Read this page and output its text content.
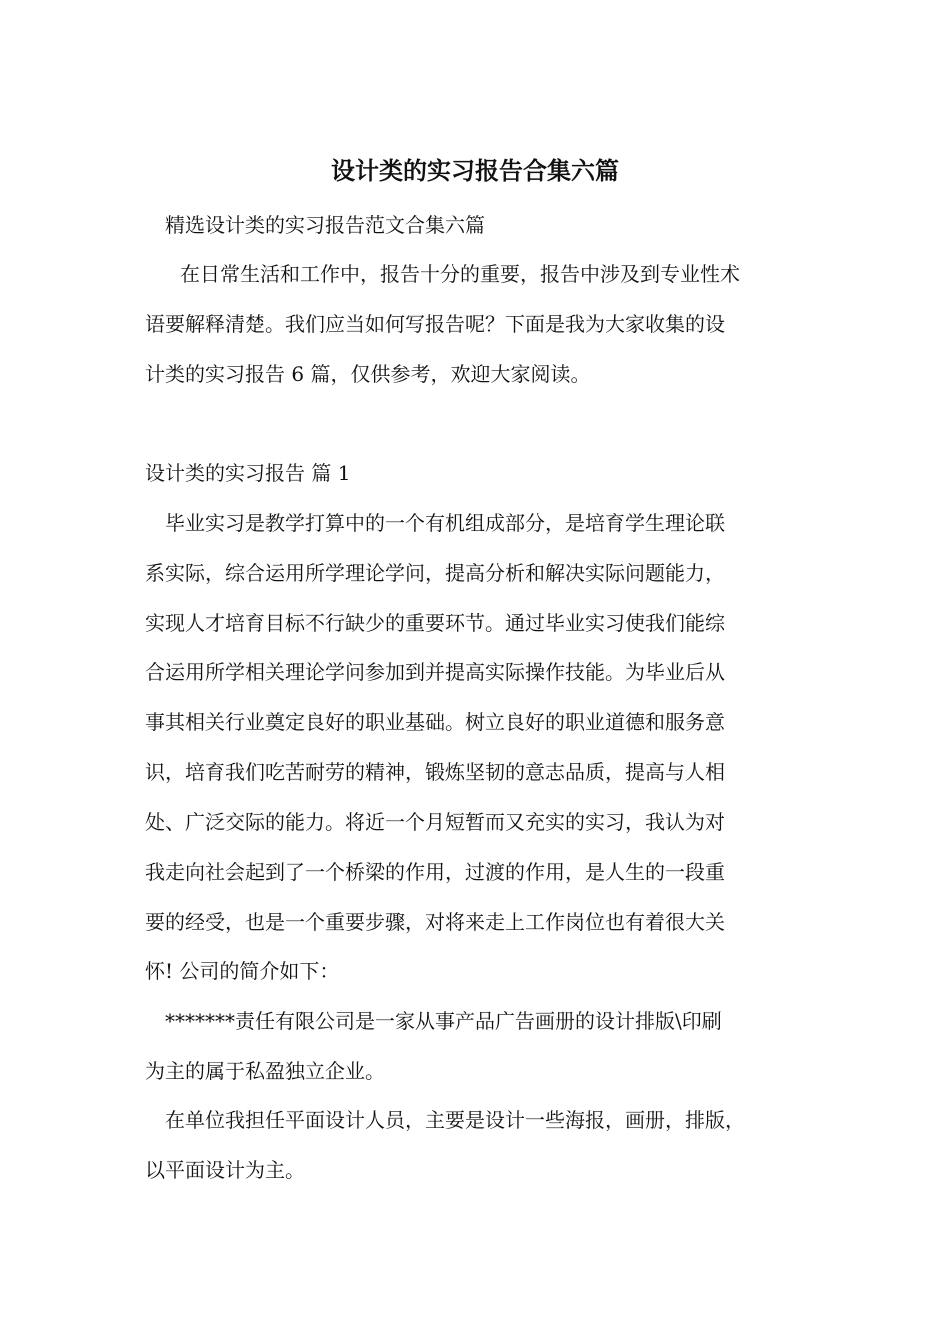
设计类的实习报告合集六篇

精选设计类的实习报告范文合集六篇

在日常生活和工作中，报告十分的重要，报告中涉及到专业性术

语要解释清楚。我们应当如何写报告呢？下面是我为大家收集的设

计类的实习报告 6 篇，仅供参考，欢迎大家阅读。

设计类的实习报告 篇 1

毕业实习是教学打算中的一个有机组成部分，是培育学生理论联

系实际，综合运用所学理论学问，提高分析和解决实际问题能力，

实现人才培育目标不行缺少的重要环节。通过毕业实习使我们能综

合运用所学相关理论学问参加到并提高实际操作技能。为毕业后从

事其相关行业奠定良好的职业基础。树立良好的职业道德和服务意

识，培育我们吃苦耐劳的精神，锻炼坚韧的意志品质，提高与人相

处、广泛交际的能力。将近一个月短暂而又充实的实习，我认为对

我走向社会起到了一个桥梁的作用，过渡的作用，是人生的一段重

要的经受，也是一个重要步骤，对将来走上工作岗位也有着很大关

怀! 公司的简介如下：

*******责任有限公司是一家从事产品广告画册的设计排版\印刷

为主的属于私盈独立企业。

在单位我担任平面设计人员，主要是设计一些海报，画册，排版，

以平面设计为主。
